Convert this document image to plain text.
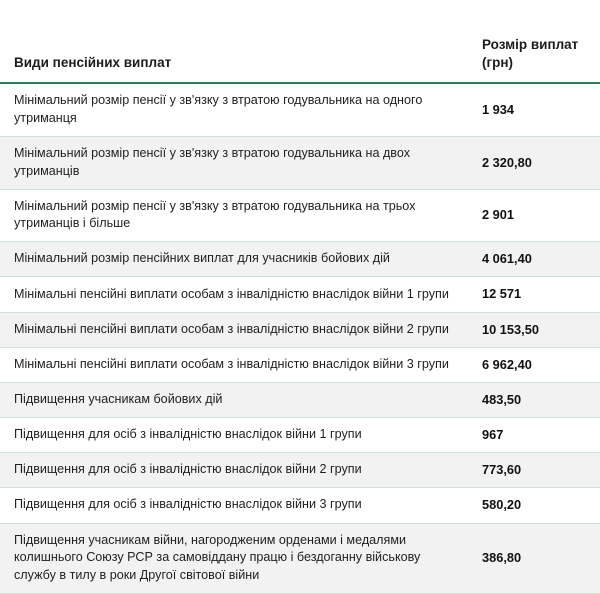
Види пенсійних виплат	Розмір виплат (грн)
Мінімальний розмір пенсії у зв'язку з втратою годувальника на одного утриманця	1 934
Мінімальний розмір пенсії у зв'язку з втратою годувальника на двох утриманців	2 320,80
Мінімальний розмір пенсії у зв'язку з втратою годувальника на трьох утриманців і більше	2 901
Мінімальний розмір пенсійних виплат для учасників бойових дій	4 061,40
Мінімальні пенсійні виплати особам з інвалідністю внаслідок війни 1 групи	12 571
Мінімальні пенсійні виплати особам з інвалідністю внаслідок війни 2 групи	10 153,50
Мінімальні пенсійні виплати особам з інвалідністю внаслідок війни 3 групи	6 962,40
Підвищення учасникам бойових дій	483,50
Підвищення для осіб з інвалідністю внаслідок війни 1 групи	967
Підвищення для осіб з інвалідністю внаслідок війни 2 групи	773,60
Підвищення для осіб з інвалідністю внаслідок війни 3 групи	580,20
Підвищення учасникам війни, нагородженим орденами і медалями колишнього Союзу РСР за самовіддану працю і бездоганну військову службу в тилу в роки Другої світової війни	386,80
